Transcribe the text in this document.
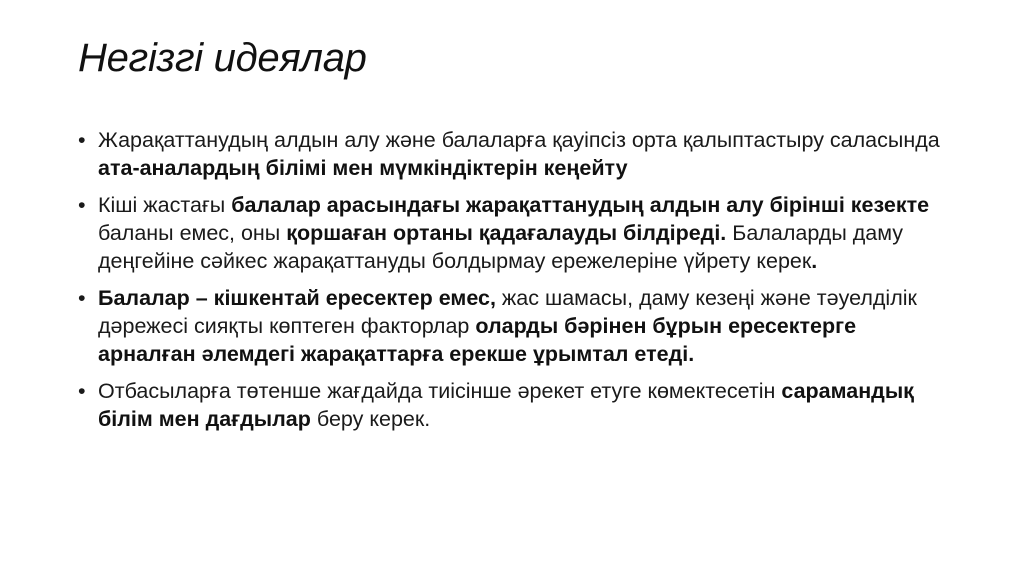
Негізгі идеялар
• Жарақаттанудың алдын алу және балаларға қауіпсіз орта қалыптастыру саласында ата-аналардың білімі мен мүмкіндіктерін кеңейту
• Кіші жастағы балалар арасындағы жарақаттанудың алдын алу бірінші кезекте баланы емес, оны қоршаған ортаны қадағалауды білдіреді. Балаларды даму деңгейіне сәйкес жарақаттануды болдырмау ережелеріне үйрету керек.
• Балалар – кішкентай ересектер емес, жас шамасы, даму кезеңі және тәуелділік дәрежесі сияқты көптеген факторлар оларды бәрінен бұрын ересектерге арналған әлемдегі жарақаттарға ерекше ұрымтал етеді.
• Отбасыларға төтенше жағдайда тиісінше әрекет етуге көмектесетін сарамандық білім мен дағдылар беру керек.
